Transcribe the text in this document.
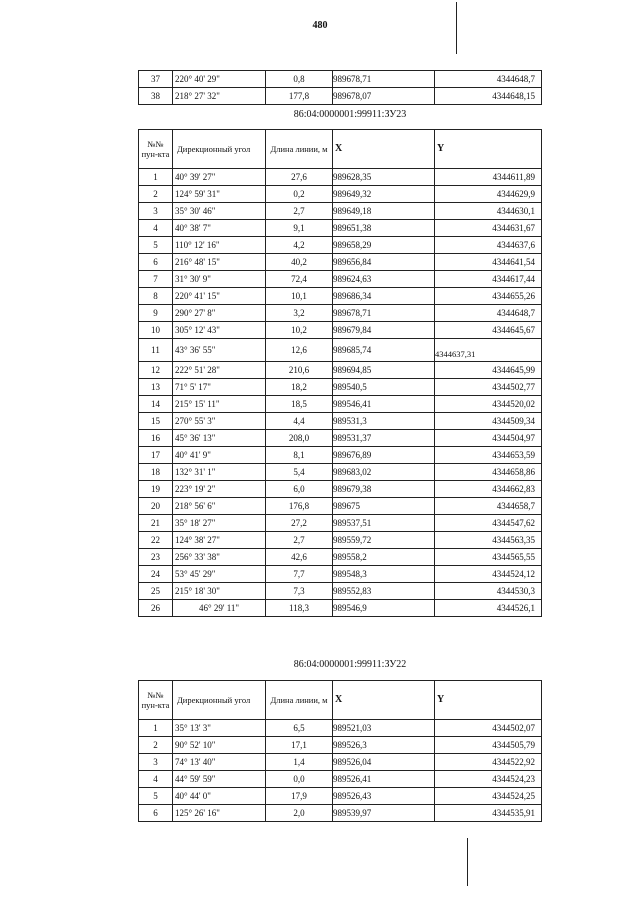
480
37	220° 40' 29"	0,8	989678,71	4344648,7
38	218° 27' 32"	177,8	989678,07	4344648,15
86:04:0000001:99911:ЗУ23
№№ пун-кта	Дирекционный угол	Длина линии, м	X	Y
1	40° 39' 27"	27,6	989628,35	4344611,89
2	124° 59' 31"	0,2	989649,32	4344629,9
3	35° 30' 46"	2,7	989649,18	4344630,1
4	40° 38' 7"	9,1	989651,38	4344631,67
5	110° 12' 16"	4,2	989658,29	4344637,6
6	216° 48' 15"	40,2	989656,84	4344641,54
7	31° 30' 9"	72,4	989624,63	4344617,44
8	220° 41' 15"	10,1	989686,34	4344655,26
9	290° 27' 8"	3,2	989678,71	4344648,7
10	305° 12' 43"	10,2	989679,84	4344645,67
11	43° 36' 55"	12,6	989685,74	4344637,31
12	222° 51' 28"	210,6	989694,85	4344645,99
13	71° 5' 17"	18,2	989540,5	4344502,77
14	215° 15' 11"	18,5	989546,41	4344520,02
15	270° 55' 3"	4,4	989531,3	4344509,34
16	45° 36' 13"	208,0	989531,37	4344504,97
17	40° 41' 9"	8,1	989676,89	4344653,59
18	132° 31' 1"	5,4	989683,02	4344658,86
19	223° 19' 2"	6,0	989679,38	4344662,83
20	218° 56' 6"	176,8	989675	4344658,7
21	35° 18' 27"	27,2	989537,51	4344547,62
22	124° 38' 27"	2,7	989559,72	4344563,35
23	256° 33' 38"	42,6	989558,2	4344565,55
24	53° 45' 29"	7,7	989548,3	4344524,12
25	215° 18' 30"	7,3	989552,83	4344530,3
26	46° 29' 11"	118,3	989546,9	4344526,1
86:04:0000001:99911:ЗУ22
№№ пун-кта	Дирекционный угол	Длина линии, м	X	Y
1	35° 13' 3"	6,5	989521,03	4344502,07
2	90° 52' 10"	17,1	989526,3	4344505,79
3	74° 13' 40"	1,4	989526,04	4344522,92
4	44° 59' 59"	0,0	989526,41	4344524,23
5	40° 44' 0"	17,9	989526,43	4344524,25
6	125° 26' 16"	2,0	989539,97	4344535,91
